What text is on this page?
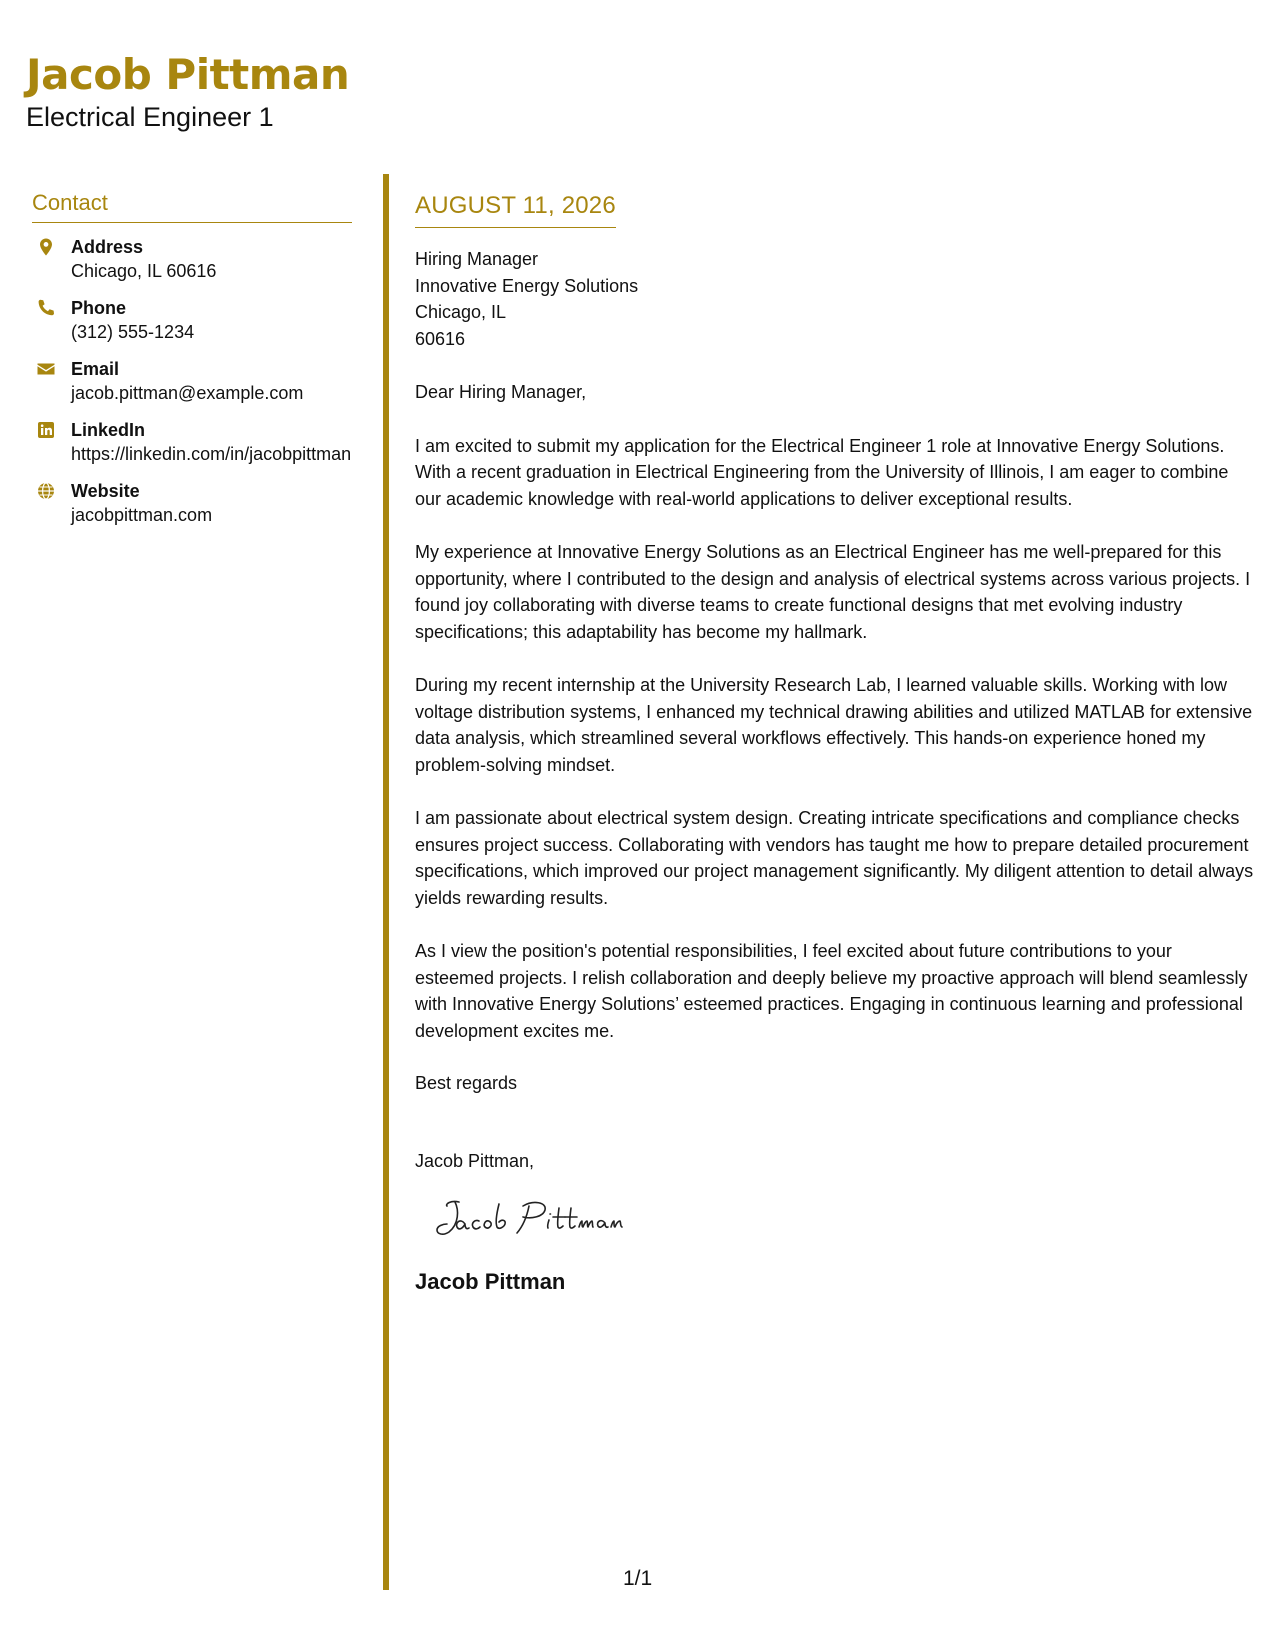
Jacob Pittman
Electrical Engineer 1
Contact
Address
Chicago, IL 60616
Phone
(312) 555-1234
Email
jacob.pittman@example.com
LinkedIn
https://linkedin.com/in/jacobpittman
Website
jacobpittman.com
AUGUST 11, 2026
Hiring Manager
Innovative Energy Solutions
Chicago, IL
60616
Dear Hiring Manager,
I am excited to submit my application for the Electrical Engineer 1 role at Innovative Energy Solutions. With a recent graduation in Electrical Engineering from the University of Illinois, I am eager to combine our academic knowledge with real-world applications to deliver exceptional results.
My experience at Innovative Energy Solutions as an Electrical Engineer has me well-prepared for this opportunity, where I contributed to the design and analysis of electrical systems across various projects. I found joy collaborating with diverse teams to create functional designs that met evolving industry specifications; this adaptability has become my hallmark.
During my recent internship at the University Research Lab, I learned valuable skills. Working with low voltage distribution systems, I enhanced my technical drawing abilities and utilized MATLAB for extensive data analysis, which streamlined several workflows effectively. This hands-on experience honed my problem-solving mindset.
I am passionate about electrical system design. Creating intricate specifications and compliance checks ensures project success. Collaborating with vendors has taught me how to prepare detailed procurement specifications, which improved our project management significantly. My diligent attention to detail always yields rewarding results.
As I view the position's potential responsibilities, I feel excited about future contributions to your esteemed projects. I relish collaboration and deeply believe my proactive approach will blend seamlessly with Innovative Energy Solutions’ esteemed practices. Engaging in continuous learning and professional development excites me.
Best regards
Jacob Pittman,
Jacob Pittman
1/1
